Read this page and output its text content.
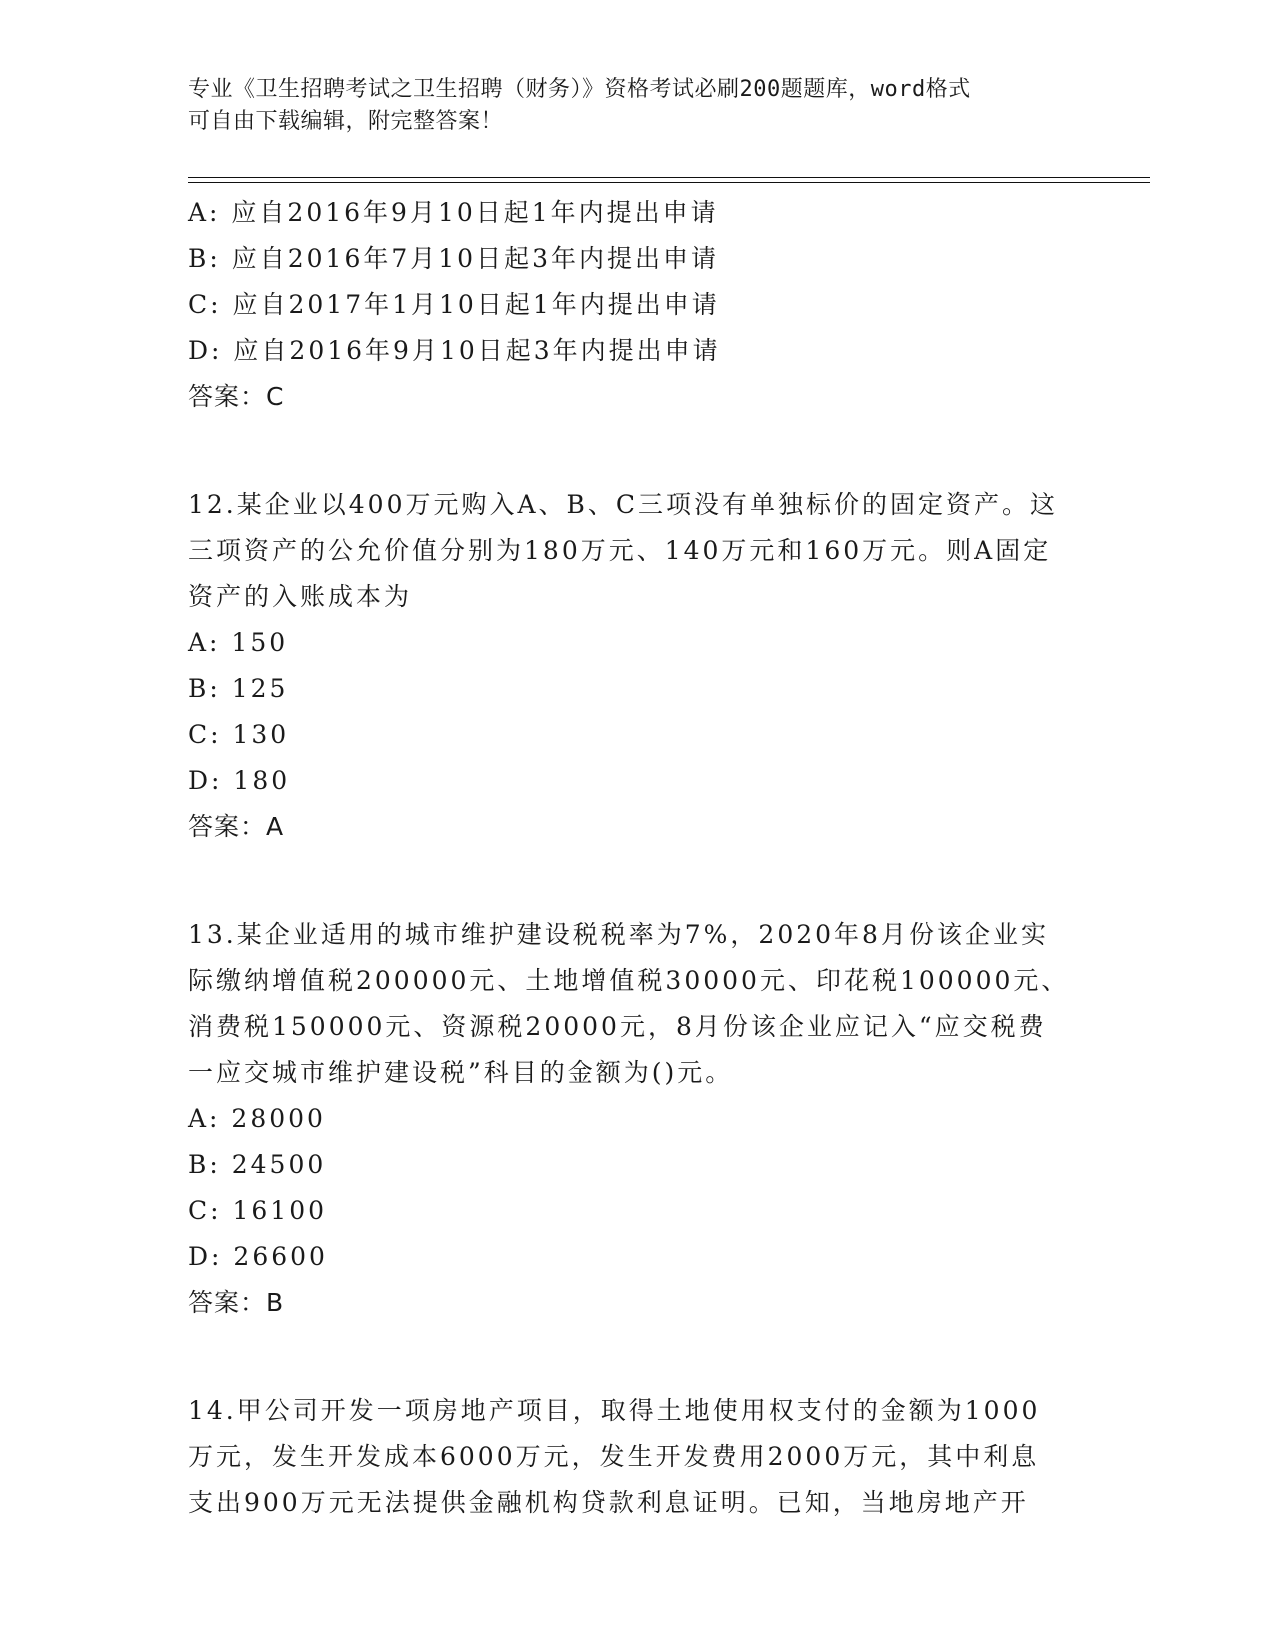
专业《卫生招聘考试之卫生招聘（财务）》资格考试必刷200题题库，word格式
可自由下载编辑，附完整答案！
A: 应自2016年9月10日起1年内提出申请
B: 应自2016年7月10日起3年内提出申请
C: 应自2017年1月10日起1年内提出申请
D: 应自2016年9月10日起3年内提出申请
答案：C
12.某企业以400万元购入A、B、C三项没有单独标价的固定资产。这
三项资产的公允价值分别为180万元、140万元和160万元。则A固定
资产的入账成本为
A: 150
B: 125
C: 130
D: 180
答案：A
13.某企业适用的城市维护建设税税率为7%，2020年8月份该企业实
际缴纳增值税200000元、土地增值税30000元、印花税100000元、
消费税150000元、资源税20000元，8月份该企业应记入“应交税费
一应交城市维护建设税”科目的金额为()元。
A: 28000
B: 24500
C: 16100
D: 26600
答案：B
14.甲公司开发一项房地产项目，取得土地使用权支付的金额为1000
万元，发生开发成本6000万元，发生开发费用2000万元，其中利息
支出900万元无法提供金融机构贷款利息证明。已知，当地房地产开
